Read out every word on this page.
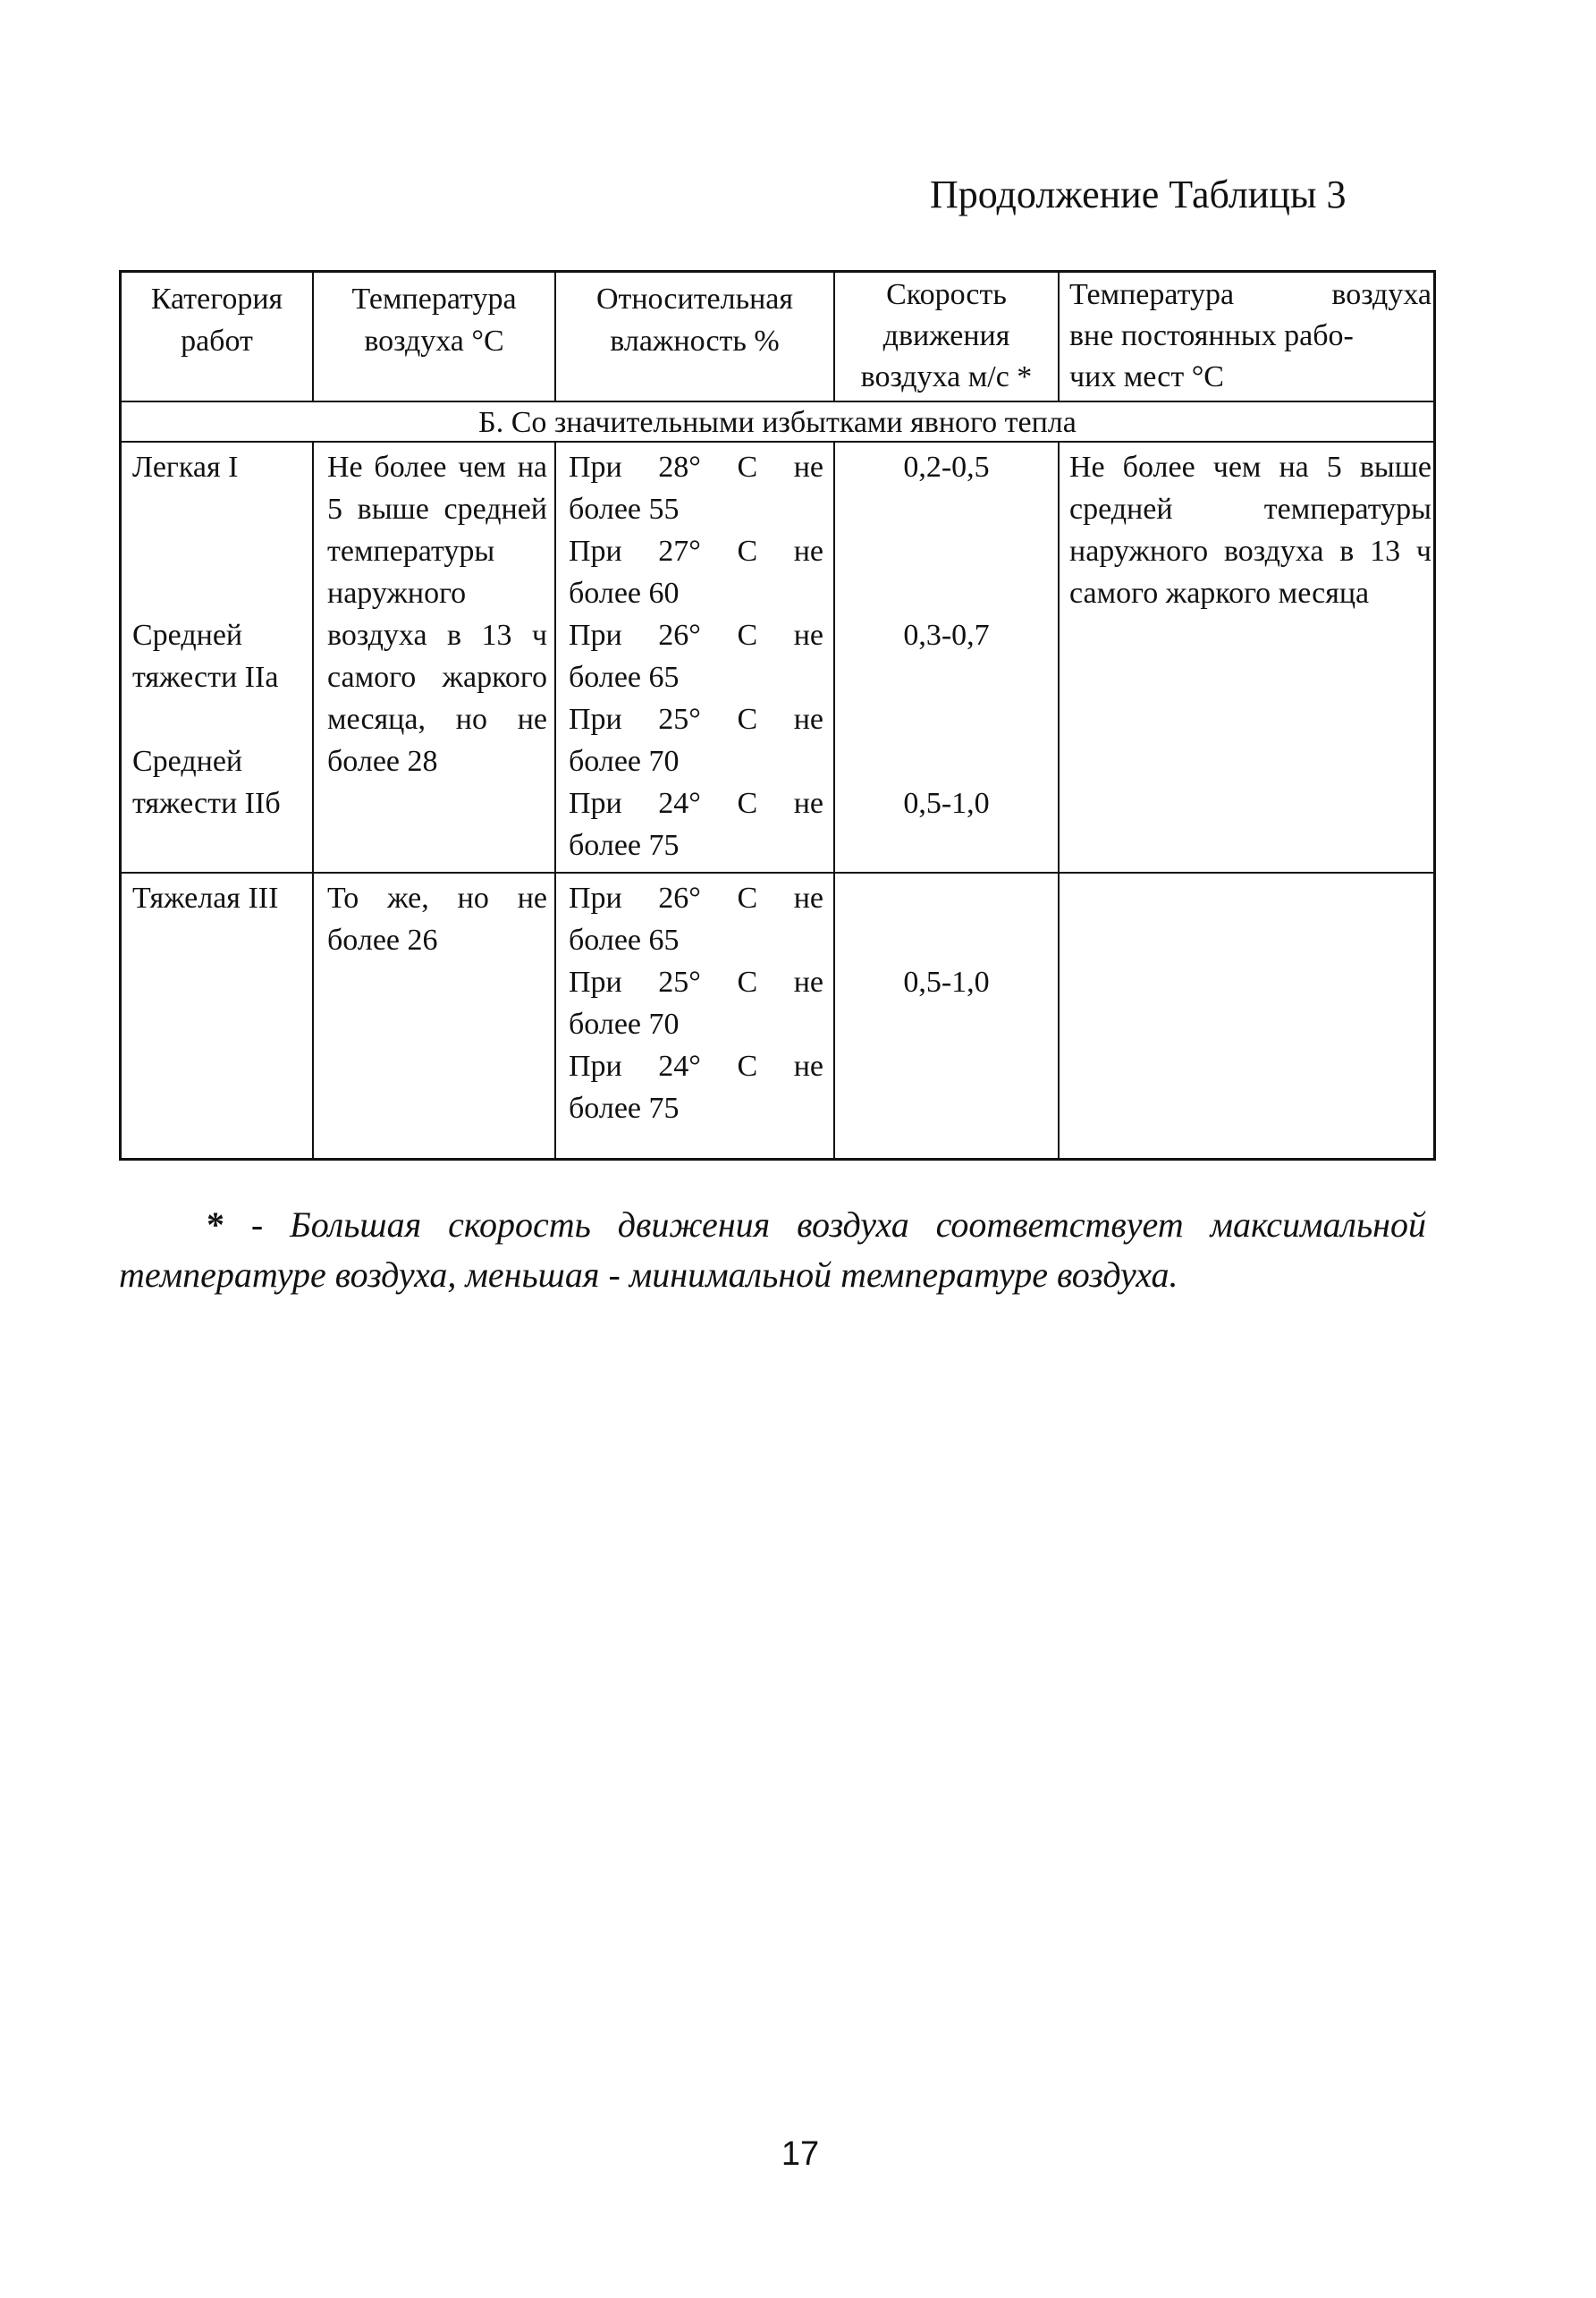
Продолжение Таблицы 3
Категория
работ
Температура
воздуха °С
Относительная
влажность %
Скорость
движения
воздуха м/с *
Температура	воздуха
вне постоянных рабо-
чих мест °С
Б. Со значительными избытками явного тепла
Легкая I
Средней
тяжести IIа
Средней
тяжести IIб
Не более чем на 5 выше средней температуры наружного воздуха в 13 ч самого жаркого месяца, но не более 28
При 28° С не
более 55
При 27° С не
более 60
При 26° С не
более 65
При 25° С не
более 70
При 24° С не
более 75
0,2-0,5
0,3-0,7
0,5-1,0
Не более чем на 5 выше средней температуры наружного воздуха в 13 ч самого жаркого месяца
Тяжелая III	То же, но не более 26
При 26° С не
более 65
При 25° С не
более 70
При 24° С не
более 75
0,5-1,0
* - Большая скорость движения воздуха соответствует максимальной температуре воздуха, меньшая - минимальной температуре воздуха.
17
